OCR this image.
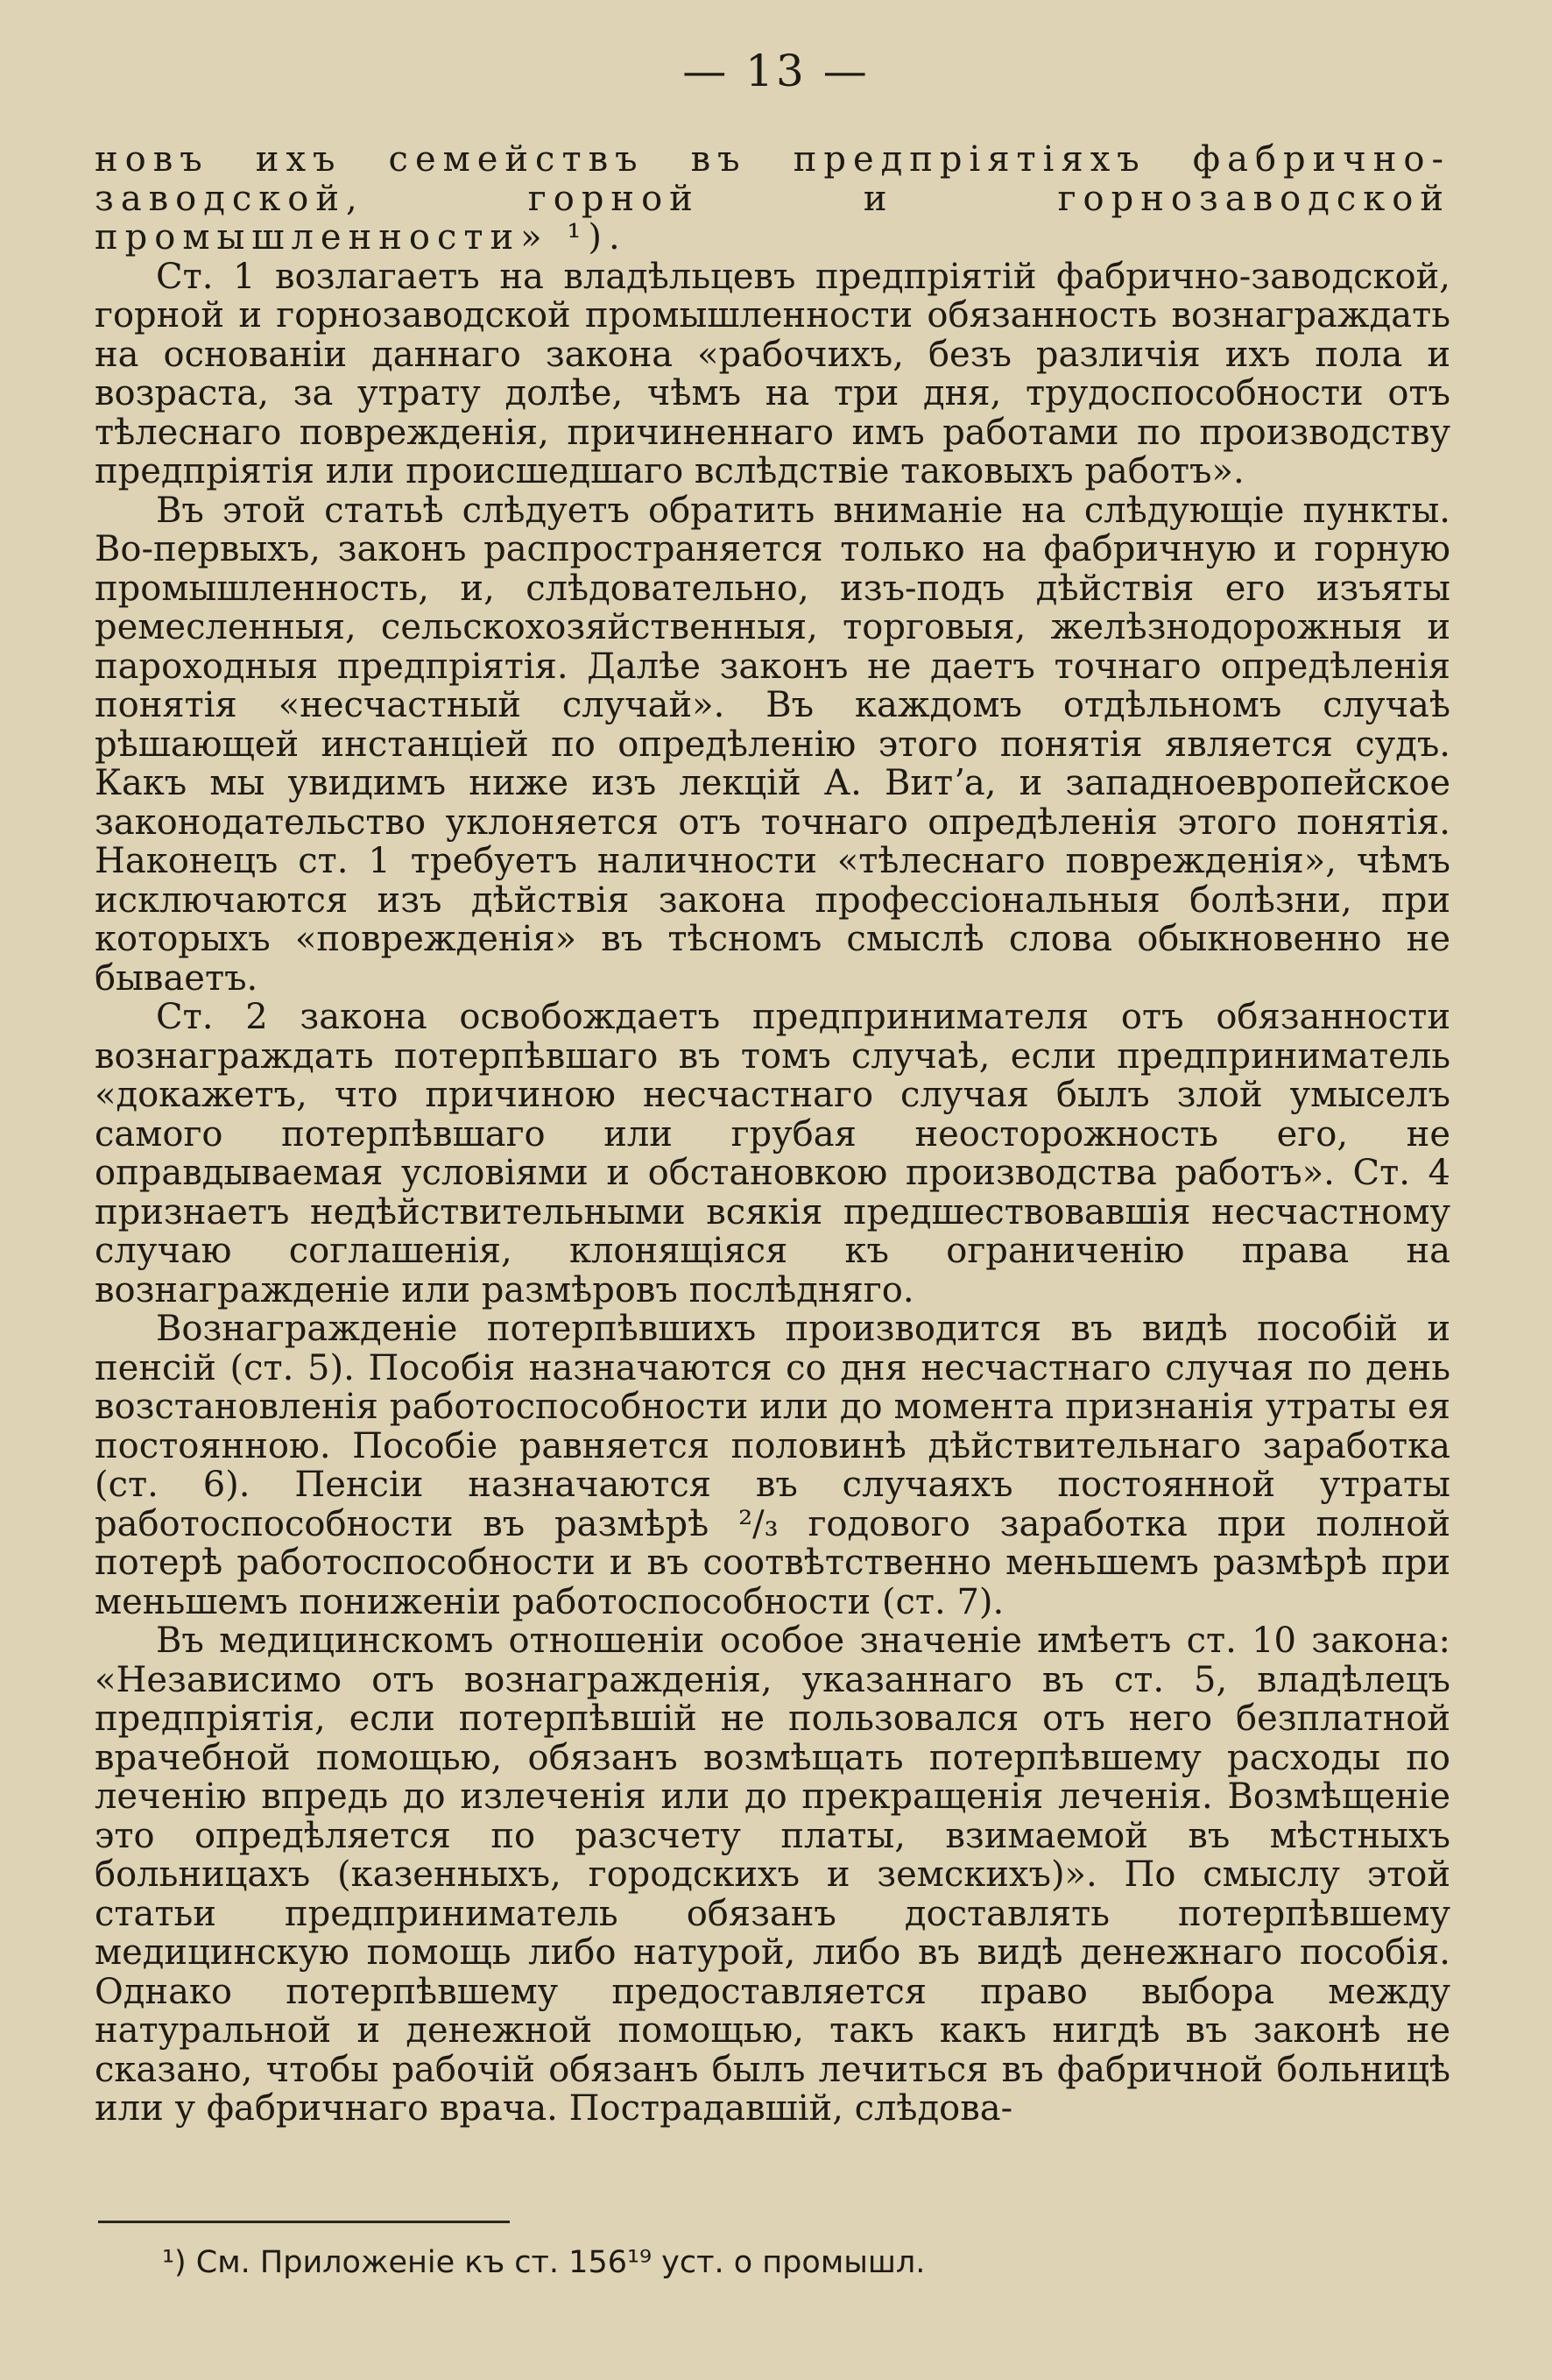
— 13 —

новъ ихъ семействъ въ предпріятіяхъ фабрично-заводской, горной и горнозаводской промышленности» ¹).

Ст. 1 возлагаетъ на владѣльцевъ предпріятій фабрично-заводской, горной и горнозаводской промышленности обязанность вознаграждать на основаніи даннаго закона «рабочихъ, безъ различія ихъ пола и возраста, за утрату долѣе, чѣмъ на три дня, трудоспособности отъ тѣлеснаго поврежденія, причиненнаго имъ работами по производству предпріятія или происшедшаго вслѣдствіе таковыхъ работъ».

Въ этой статьѣ слѣдуетъ обратить вниманіе на слѣдующіе пункты. Во-первыхъ, законъ распространяется только на фабричную и горную промышленность, и, слѣдовательно, изъ-подъ дѣйствія его изъяты ремесленныя, сельскохозяйственныя, торговыя, желѣзнодорожныя и пароходныя предпріятія. Далѣе законъ не даетъ точнаго опредѣленія понятія «несчастный случай». Въ каждомъ отдѣльномъ случаѣ рѣшающей инстанціей по опредѣленію этого понятія является судъ. Какъ мы увидимъ ниже изъ лекцій А. Витʼа, и западноевропейское законодательство уклоняется отъ точнаго опредѣленія этого понятія. Наконецъ ст. 1 требуетъ наличности «тѣлеснаго поврежденія», чѣмъ исключаются изъ дѣйствія закона профессіональныя болѣзни, при которыхъ «поврежденія» въ тѣсномъ смыслѣ слова обыкновенно не бываетъ.

Ст. 2 закона освобождаетъ предпринимателя отъ обязанности вознаграждать потерпѣвшаго въ томъ случаѣ, если предприниматель «докажетъ, что причиною несчастнаго случая былъ злой умыселъ самого потерпѣвшаго или грубая неосторожность его, не оправдываемая условіями и обстановкою производства работъ». Ст. 4 признаетъ недѣйствительными всякія предшествовавшія несчастному случаю соглашенія, клонящіяся къ ограниченію права на вознагражденіе или размѣровъ послѣдняго.

Вознагражденіе потерпѣвшихъ производится въ видѣ пособій и пенсій (ст. 5). Пособія назначаются со дня несчастнаго случая по день возстановленія работоспособности или до момента признанія утраты ея постоянною. Пособіе равняется половинѣ дѣйствительнаго заработка (ст. 6). Пенсіи назначаются въ случаяхъ постоянной утраты работоспособности въ размѣрѣ ²/₃ годового заработка при полной потерѣ работоспособности и въ соотвѣтственно меньшемъ размѣрѣ при меньшемъ пониженіи работоспособности (ст. 7).

Въ медицинскомъ отношеніи особое значеніе имѣетъ ст. 10 закона: «Независимо отъ вознагражденія, указаннаго въ ст. 5, владѣлецъ предпріятія, если потерпѣвшій не пользовался отъ него безплатной врачебной помощью, обязанъ возмѣщать потерпѣвшему расходы по леченію впредь до излеченія или до прекращенія леченія. Возмѣщеніе это опредѣляется по разсчету платы, взимаемой въ мѣстныхъ больницахъ (казенныхъ, городскихъ и земскихъ)». По смыслу этой статьи предприниматель обязанъ доставлять потерпѣвшему медицинскую помощь либо натурой, либо въ видѣ денежнаго пособія. Однако потерпѣвшему предоставляется право выбора между натуральной и денежной помощью, такъ какъ нигдѣ въ законѣ не сказано, чтобы рабочій обязанъ былъ лечиться въ фабричной больницѣ или у фабричнаго врача. Пострадавшій, слѣдова-

¹) См. Приложеніе къ ст. 156¹⁹ уст. о промышл.
